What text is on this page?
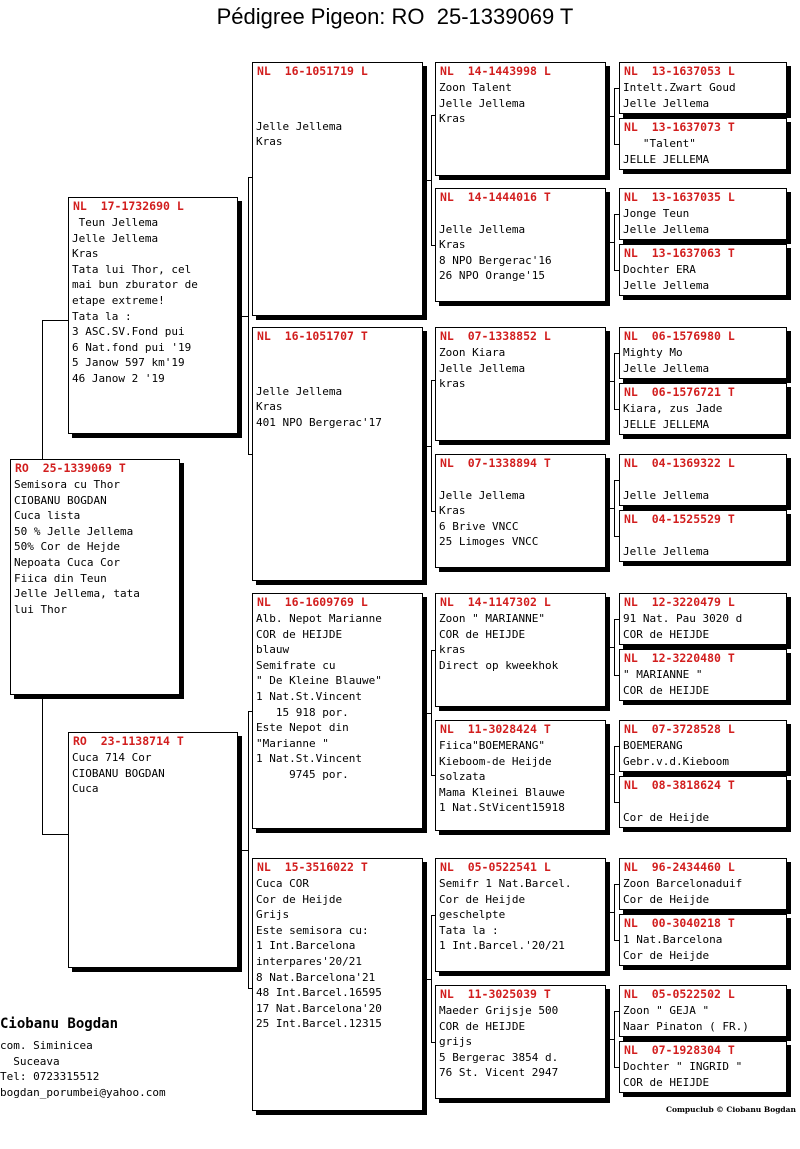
Pédigree Pigeon: RO  25-1339069 T
RO  25-1339069 T
Semisora cu Thor
CIOBANU BOGDAN
Cuca lista
50 % Jelle Jellema
50% Cor de Hejde
Nepoata Cuca Cor
Fiica din Teun
Jelle Jellema, tata
lui Thor
NL  17-1732690 L
Teun Jellema
Jelle Jellema
Kras
Tata lui Thor, cel
mai bun zburator de
etape extreme!
Tata la :
3 ASC.SV.Fond pui
6 Nat.fond pui '19
5 Janow 597 km'19
46 Janow 2 '19
RO  23-1138714 T
Cuca 714 Cor
CIOBANU BOGDAN
Cuca
NL  16-1051719 L
Jelle Jellema
Kras
NL  16-1051707 T
Jelle Jellema
Kras
401 NPO Bergerac'17
NL  16-1609769 L
Alb. Nepot Marianne
COR de HEIJDE
blauw
Semifrate cu
" De Kleine Blauwe"
1 Nat.St.Vincent
15 918 por.
Este Nepot din
"Marianne "
1 Nat.St.Vincent
9745 por.
NL  15-3516022 T
Cuca COR
Cor de Heijde
Grijs
Este semisora cu:
1 Int.Barcelona
interpares'20/21
8 Nat.Barcelona'21
48 Int.Barcel.16595
17 Nat.Barcelona'20
25 Int.Barcel.12315
NL  14-1443998 L
Zoon Talent
Jelle Jellema
Kras
NL  14-1444016 T
Jelle Jellema
Kras
8 NPO Bergerac'16
26 NPO Orange'15
NL  07-1338852 L
Zoon Kiara
Jelle Jellema
kras
NL  07-1338894 T
Jelle Jellema
Kras
6 Brive VNCC
25 Limoges VNCC
NL  14-1147302 L
Zoon " MARIANNE"
COR de HEIJDE
kras
Direct op kweekhok
NL  11-3028424 T
Fiica"BOEMERANG"
Kieboom-de Heijde
solzata
Mama Kleinei Blauwe
1 Nat.StVicent15918
NL  05-0522541 L
Semifr 1 Nat.Barcel.
Cor de Heijde
geschelpte
Tata la :
1 Int.Barcel.'20/21
NL  11-3025039 T
Maeder Grijsje 500
COR de HEIJDE
grijs
5 Bergerac 3854 d.
76 St. Vicent 2947
NL  13-1637053 L
Intelt.Zwart Goud
Jelle Jellema
NL  13-1637073 T
"Talent"
JELLE JELLEMA
NL  13-1637035 L
Jonge Teun
Jelle Jellema
NL  13-1637063 T
Dochter ERA
Jelle Jellema
NL  06-1576980 L
Mighty Mo
Jelle Jellema
NL  06-1576721 T
Kiara, zus Jade
JELLE JELLEMA
NL  04-1369322 L
Jelle Jellema
NL  04-1525529 T
Jelle Jellema
NL  12-3220479 L
91 Nat. Pau 3020 d
COR de HEIJDE
NL  12-3220480 T
" MARIANNE "
COR de HEIJDE
NL  07-3728528 L
BOEMERANG
Gebr.v.d.Kieboom
NL  08-3818624 T
Cor de Heijde
NL  96-2434460 L
Zoon Barcelonaduif
Cor de Heijde
NL  00-3040218 T
1 Nat.Barcelona
Cor de Heijde
NL  05-0522502 L
Zoon " GEJA "
Naar Pinaton ( FR.)
NL  07-1928304 T
Dochter " INGRID "
COR de HEIJDE
Ciobanu Bogdan
com. Siminicea
Suceava
Tel: 0723315512
bogdan_porumbei@yahoo.com
Compuclub © Ciobanu Bogdan
